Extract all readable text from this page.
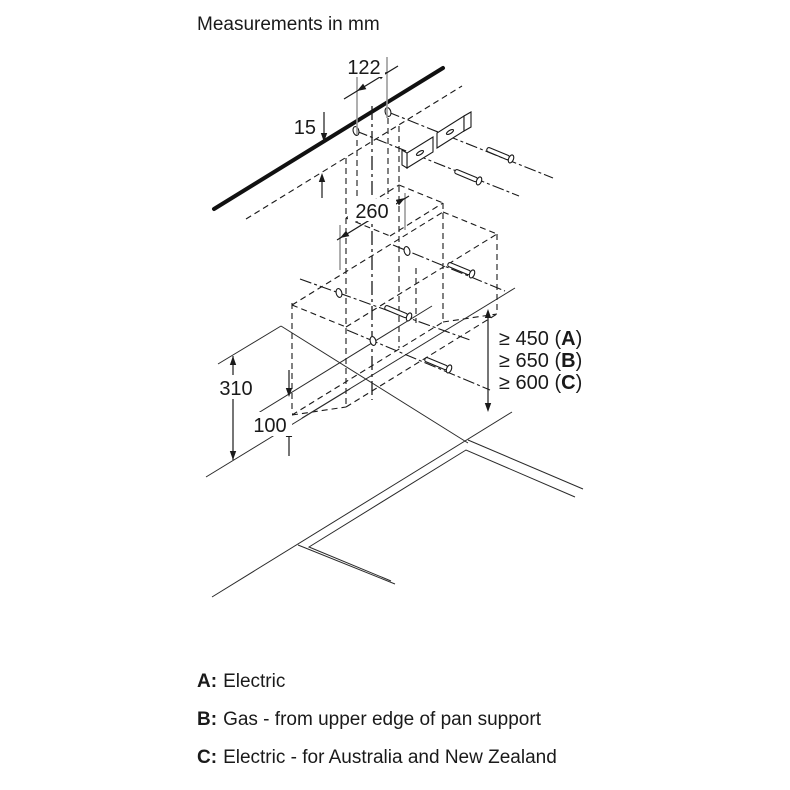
Measurements in mm
122
15
260
310
100
≥ 450 (A)
≥ 650 (B)
≥ 600 (C)
A: Electric
B: Gas - from upper edge of pan support
C: Electric - for Australia and New Zealand
